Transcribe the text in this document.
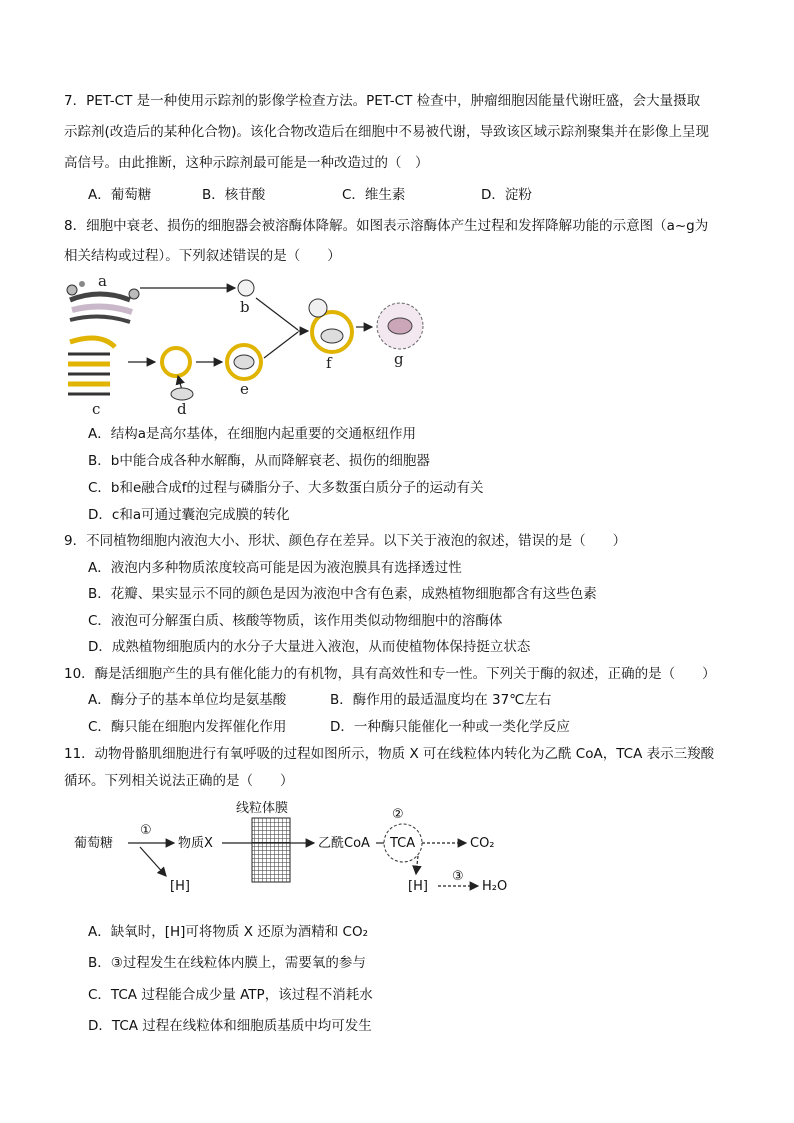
7．PET-CT 是一种使用示踪剂的影像学检查方法。PET-CT 检查中，肿瘤细胞因能量代谢旺盛，会大量摄取
示踪剂(改造后的某种化合物)。该化合物改造后在细胞中不易被代谢，导致该区域示踪剂聚集并在影像上呈现
高信号。由此推断，这种示踪剂最可能是一种改造过的（　）
A．葡萄糖	B．核苷酸	C．维生素	D．淀粉
8．细胞中衰老、损伤的细胞器会被溶酶体降解。如图表示溶酶体产生过程和发挥降解功能的示意图（a~g为
相关结构或过程）。下列叙述错误的是（　　）
a
b
c	d
e
f	g
A．结构a是高尔基体，在细胞内起重要的交通枢纽作用
B．b中能合成各种水解酶，从而降解衰老、损伤的细胞器
C．b和e融合成f的过程与磷脂分子、大多数蛋白质分子的运动有关
D．c和a可通过囊泡完成膜的转化
9．不同植物细胞内液泡大小、形状、颜色存在差异。以下关于液泡的叙述，错误的是（　　）
A．液泡内多种物质浓度较高可能是因为液泡膜具有选择透过性
B．花瓣、果实显示不同的颜色是因为液泡中含有色素，成熟植物细胞都含有这些色素
C．液泡可分解蛋白质、核酸等物质，该作用类似动物细胞中的溶酶体
D．成熟植物细胞质内的水分子大量进入液泡，从而使植物体保持挺立状态
10．酶是活细胞产生的具有催化能力的有机物，具有高效性和专一性。下列关于酶的叙述，正确的是（　　）
A．酶分子的基本单位均是氨基酸	B．酶作用的最适温度均在 37℃左右
C．酶只能在细胞内发挥催化作用	D．一种酶只能催化一种或一类化学反应
11．动物骨骼肌细胞进行有氧呼吸的过程如图所示，物质 X 可在线粒体内转化为乙酰 CoA，TCA 表示三羧酸
循环。下列相关说法正确的是（　　）
线粒体膜
葡萄糖
①
物质X
[H]
乙酰CoA TCA
②
CO₂
[H]
③
H₂O
A．缺氧时，[H]可将物质 X 还原为酒精和 CO₂
B．③过程发生在线粒体内膜上，需要氧的参与
C．TCA 过程能合成少量 ATP，该过程不消耗水
D．TCA 过程在线粒体和细胞质基质中均可发生
